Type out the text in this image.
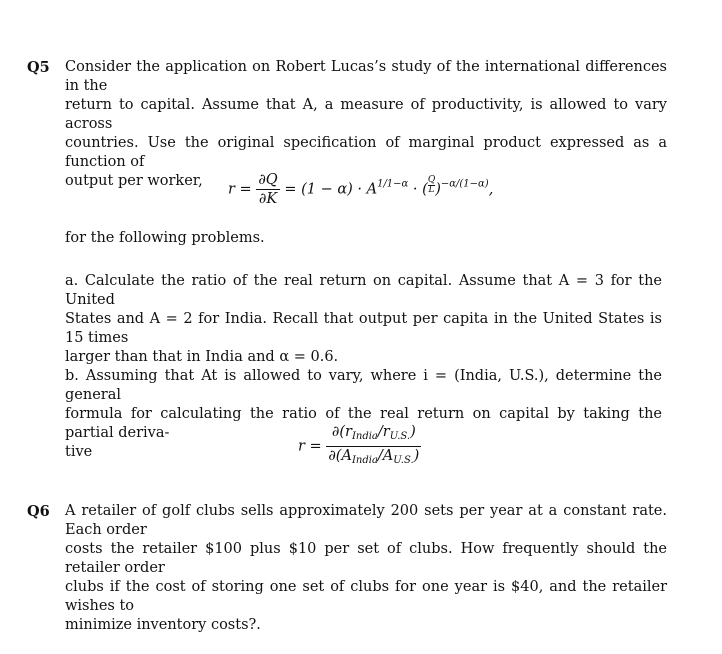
Q5 Consider the application on Robert Lucas’s study of the international differences in the
return to capital. Assume that A, a measure of productivity, is allowed to vary across
countries. Use the original specification of marginal product expressed as a function of
output per worker,
$r = \frac{\partial Q}{\partial K} = (1 - \alpha) \cdot A^{1/1-\alpha}$ · ( $\frac{Q}{L} )^{-\alpha/(1-\alpha)}$,
for the following problems.
a. Calculate the ratio of the real return on capital. Assume that A = 3 for the United
States and A = 2 for India. Recall that output per capita in the United States is 15 times
larger than that in India and α = 0.6.
b. Assuming that At is allowed to vary, where i = (India, U.S.), determine the general
formula for calculating the ratio of the real return on capital by taking the partial deriva-
tive	$r = \frac{\partial(r_{India}/r_{U.S.})}{\partial(A_{India}/A_{U.S.})}$
Q6 A retailer of golf clubs sells approximately 200 sets per year at a constant rate. Each order
costs the retailer $100 plus $10 per set of clubs. How frequently should the retailer order
clubs if the cost of storing one set of clubs for one year is $40, and the retailer wishes to
minimize inventory costs?.
